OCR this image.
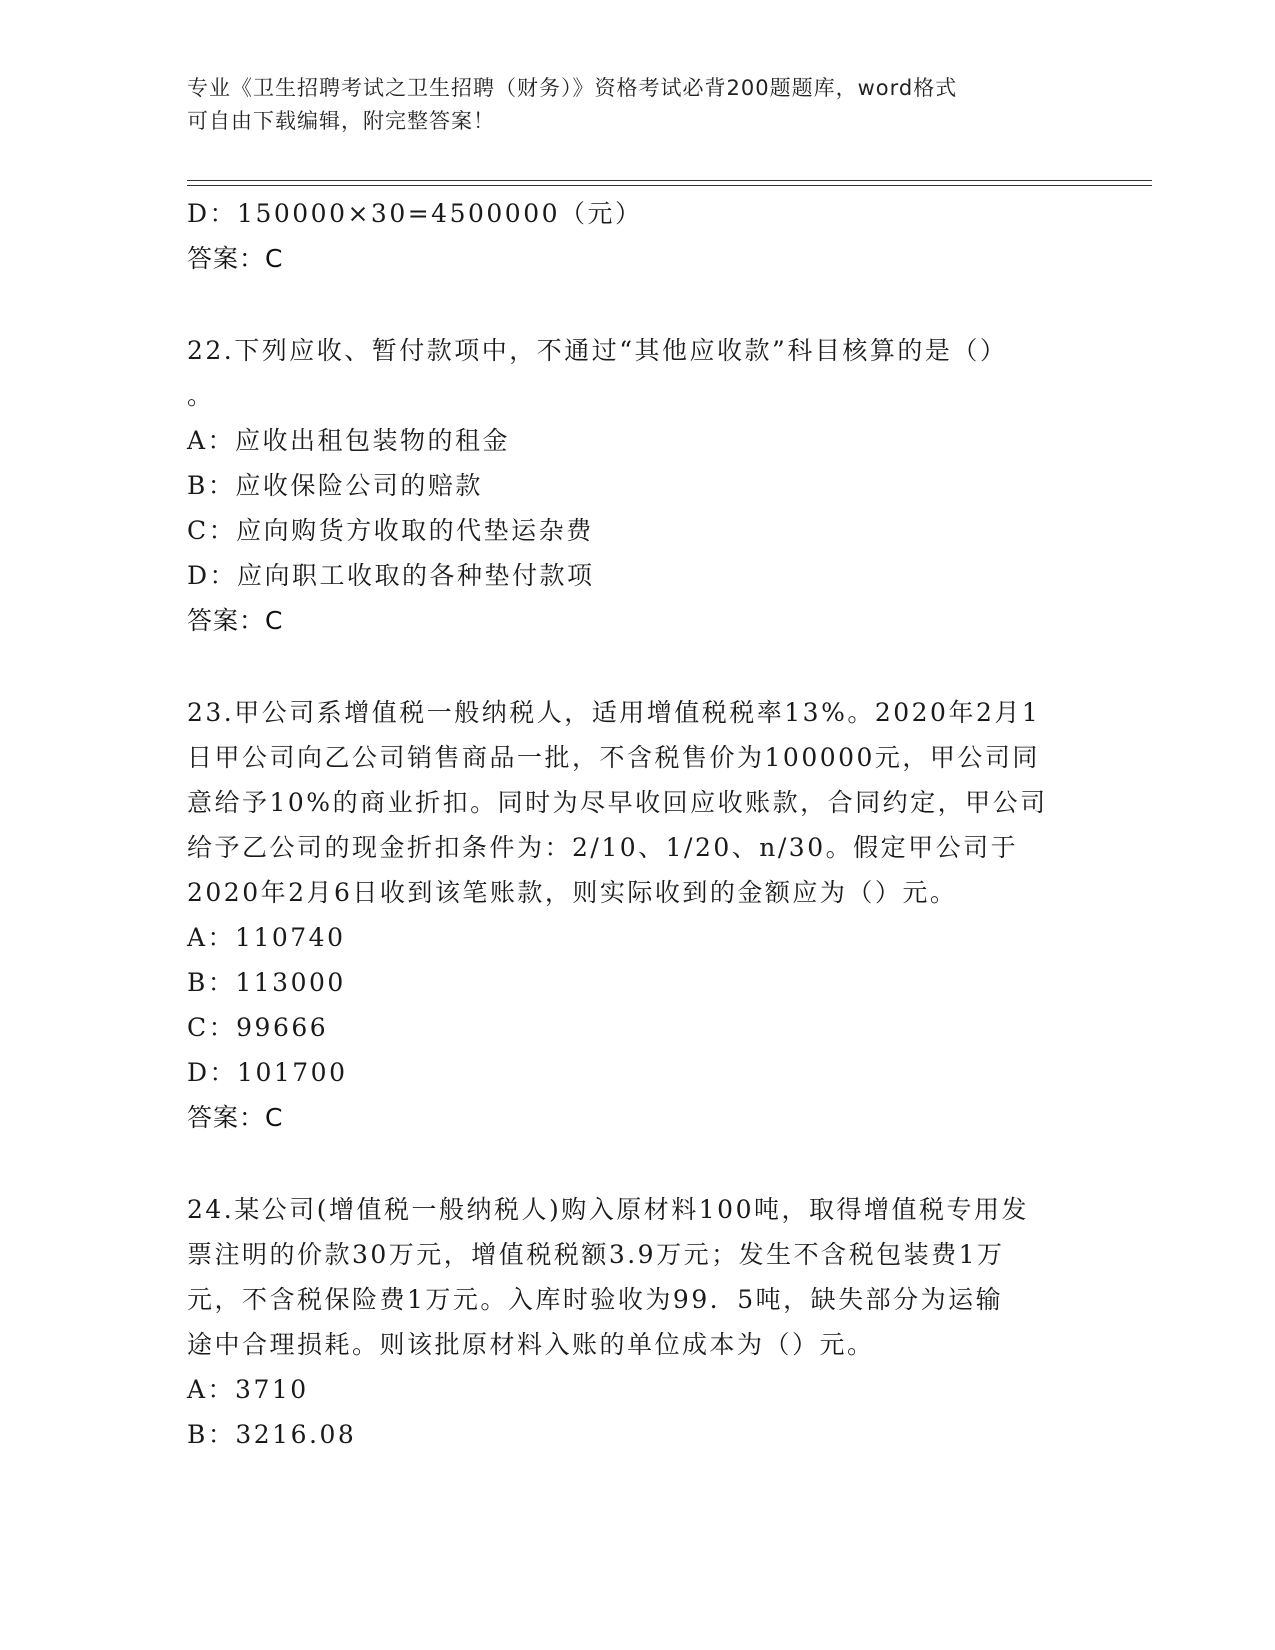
专业《卫生招聘考试之卫生招聘（财务）》资格考试必背200题题库，word格式
可自由下载编辑，附完整答案！
D：150000×30=4500000（元）
答案：C
22.下列应收、暂付款项中，不通过“其他应收款”科目核算的是（）
。
A：应收出租包装物的租金
B：应收保险公司的赔款
C：应向购货方收取的代垫运杂费
D：应向职工收取的各种垫付款项
答案：C
23.甲公司系增值税一般纳税人，适用增值税税率13%。2020年2月1
日甲公司向乙公司销售商品一批，不含税售价为100000元，甲公司同
意给予10%的商业折扣。同时为尽早收回应收账款，合同约定，甲公司
给予乙公司的现金折扣条件为：2/10、1/20、n/30。假定甲公司于
2020年2月6日收到该笔账款，则实际收到的金额应为（）元。
A：110740
B：113000
C：99666
D：101700
答案：C
24.某公司(增值税一般纳税人)购入原材料100吨，取得增值税专用发
票注明的价款30万元，增值税税额3.9万元；发生不含税包装费1万
元，不含税保险费1万元。入库时验收为99．5吨，缺失部分为运输
途中合理损耗。则该批原材料入账的单位成本为（）元。
A：3710
B：3216.08
